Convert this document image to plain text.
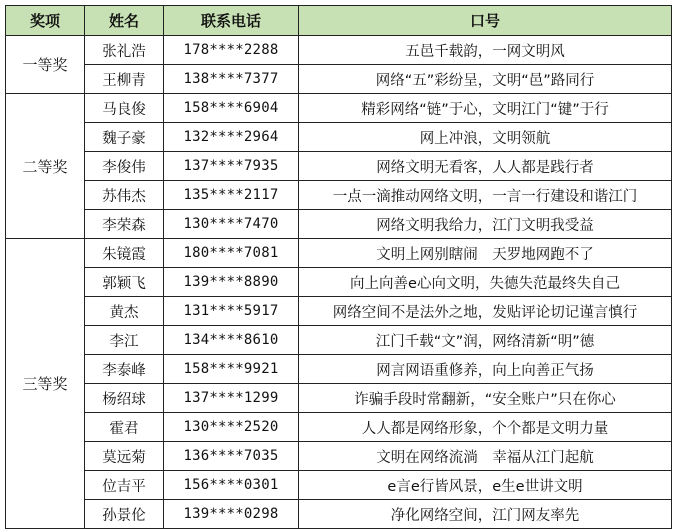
奖项	姓名	联系电话	口号
一等奖	张礼浩	178****2288	五邑千载韵，一网文明风
	王柳青	138****7377	网络“五”彩纷呈，文明“邑”路同行
二等奖	马良俊	158****6904	精彩网络“链”于心，文明江门“键”于行
	魏子豪	132****2964	网上冲浪，文明领航
	李俊伟	137****7935	网络文明无看客，人人都是践行者
	苏伟杰	135****2117	一点一滴推动网络文明，一言一行建设和谐江门
	李荣森	130****7470	网络文明我给力，江门文明我受益
三等奖	朱镜霞	180****7081	文明上网别瞎闹　天罗地网跑不了
	郭颖飞	139****8890	向上向善e心向文明，失德失范最终失自己
	黄杰	131****5917	网络空间不是法外之地，发贴评论切记谨言慎行
	李江	134****8610	江门千载“文”润，网络清新“明”德
	李泰峰	158****9921	网言网语重修养，向上向善正气扬
	杨绍球	137****1299	诈骗手段时常翻新，“安全账户”只在你心
	霍君	130****2520	人人都是网络形象，个个都是文明力量
	莫远菊	136****7035	文明在网络流淌　幸福从江门起航
	位吉平	156****0301	e言e行皆风景，e生e世讲文明
	孙景伦	139****0298	净化网络空间，江门网友率先
